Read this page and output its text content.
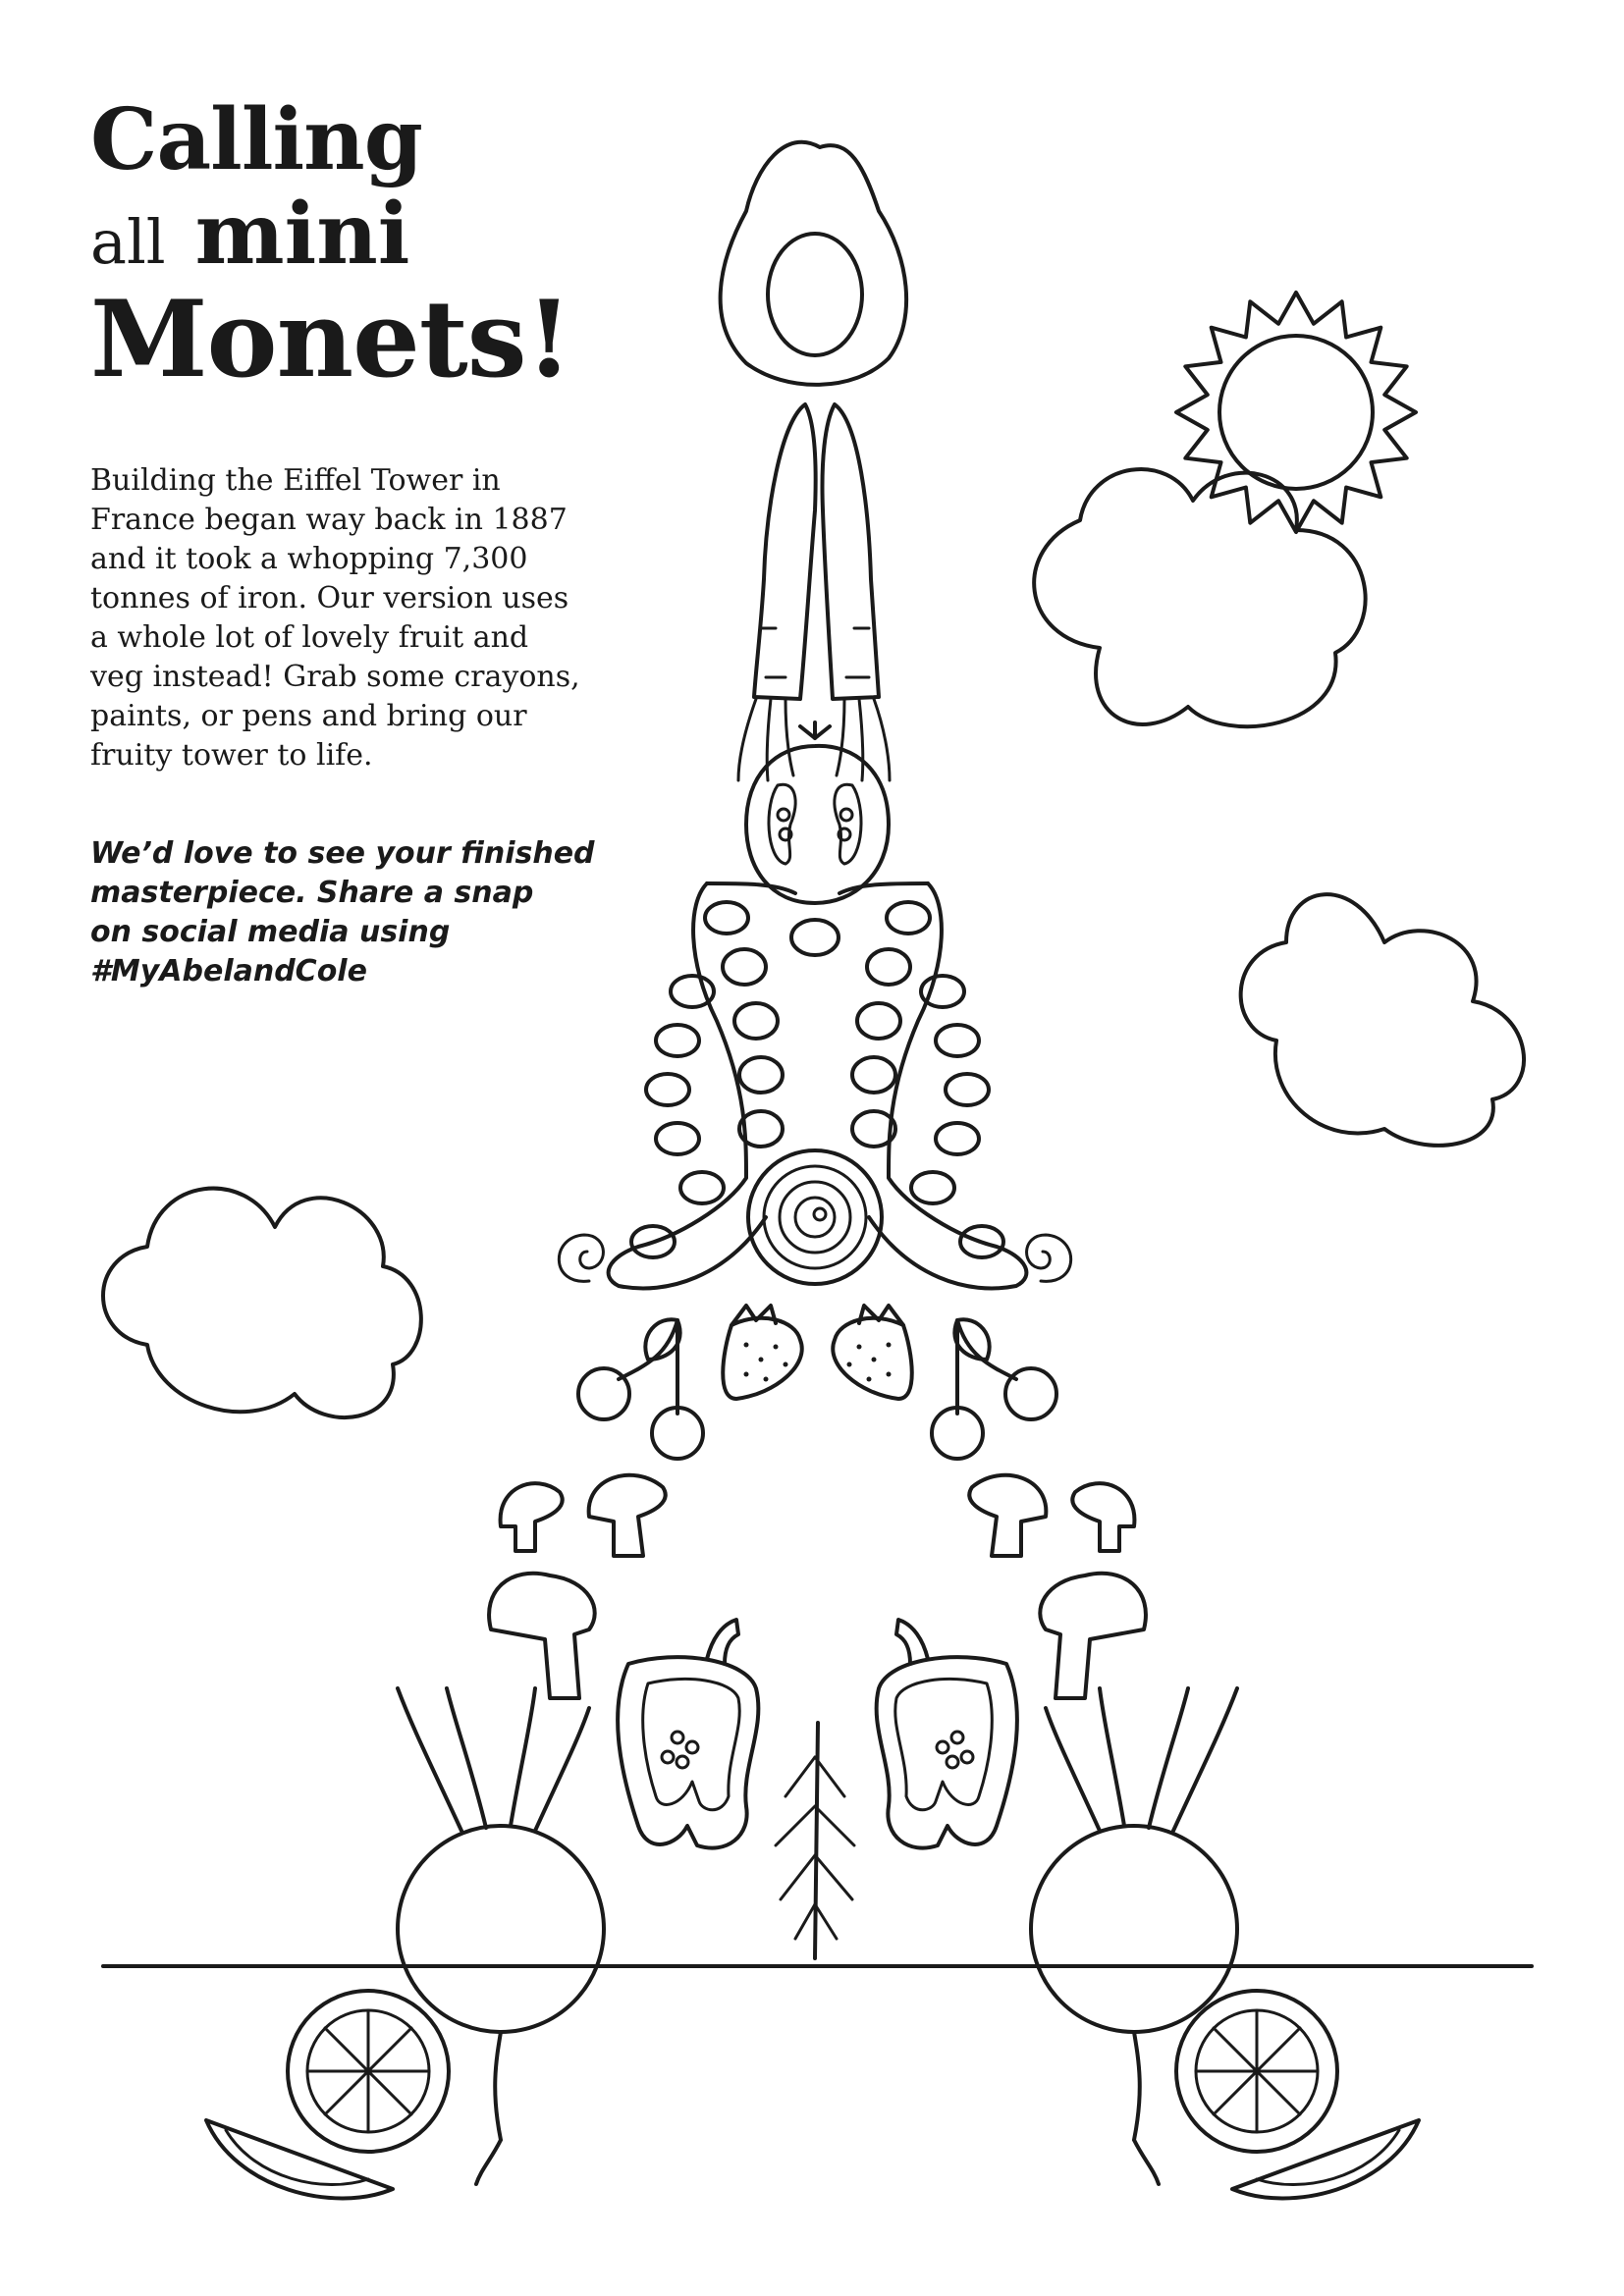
Calling
all mini
Monets!

Building the Eiffel Tower in
France began way back in 1887
and it took a whopping 7,300
tonnes of iron. Our version uses
a whole lot of lovely fruit and
veg instead! Grab some crayons,
paints, or pens and bring our
fruity tower to life.

We’d love to see your finished
masterpiece. Share a snap
on social media using
#MyAbelandCole
